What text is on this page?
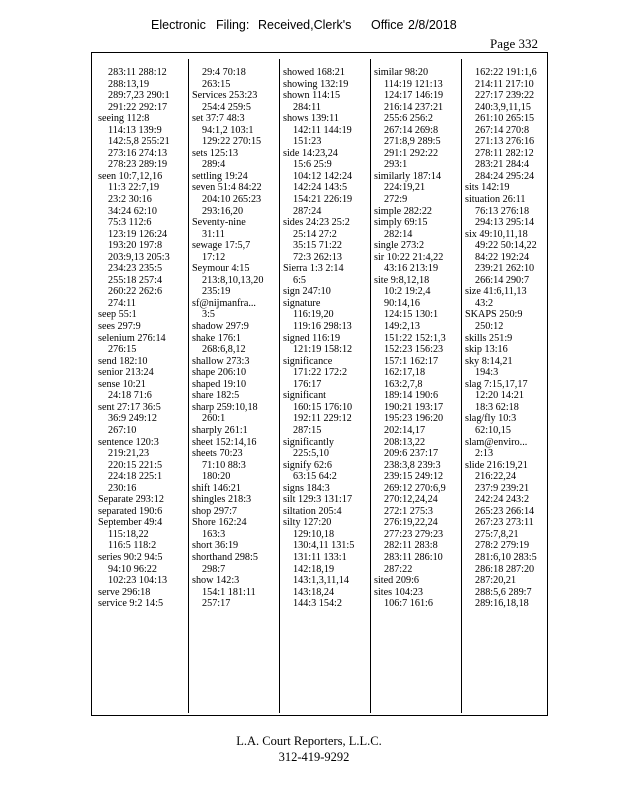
Electronic Filing: Received,Clerk's Office 2/8/2018
Page 332
283:11 288:12
288:13,19
289:7,23 290:1
291:22 292:17
seeing 112:8
114:13 139:9
142:5,8 255:21
273:16 274:13
278:23 289:19
seen 10:7,12,16
11:3 22:7,19
23:2 30:16
34:24 62:10
75:3 112:6
123:19 126:24
193:20 197:8
203:9,13 205:3
234:23 235:5
255:18 257:4
260:22 262:6
274:11
seep 55:1
sees 297:9
selenium 276:14
276:15
send 182:10
senior 213:24
sense 10:21
24:18 71:6
sent 27:17 36:5
36:9 249:12
267:10
sentence 120:3
219:21,23
220:15 221:5
224:18 225:1
230:16
Separate 293:12
separated 190:6
September 49:4
115:18,22
116:5 118:2
series 90:2 94:5
94:10 96:22
102:23 104:13
serve 296:18
service 9:2 14:5
29:4 70:18
263:15
Services 253:23
254:4 259:5
set 37:7 48:3
94:1,2 103:1
129:22 270:15
sets 125:13
289:4
settling 19:24
seven 51:4 84:22
204:10 265:23
293:16,20
Seventy-nine
31:11
sewage 17:5,7
17:12
Seymour 4:15
213:8,10,13,20
235:19
sf@nijmanfra...
3:5
shadow 297:9
shake 176:1
268:6,8,12
shallow 273:3
shape 206:10
shaped 19:10
share 182:5
sharp 259:10,18
260:1
sharply 261:1
sheet 152:14,16
sheets 70:23
71:10 88:3
180:20
shift 146:21
shingles 218:3
shop 297:7
Shore 162:24
163:3
short 36:19
shorthand 298:5
298:7
show 142:3
154:1 181:11
257:17
showed 168:21
showing 132:19
shown 114:15
284:11
shows 139:11
142:11 144:19
151:23
side 14:23,24
15:6 25:9
104:12 142:24
142:24 143:5
154:21 226:19
287:24
sides 24:23 25:2
25:14 27:2
35:15 71:22
72:3 262:13
Sierra 1:3 2:14
6:5
sign 247:10
signature
116:19,20
119:16 298:13
signed 116:19
121:19 158:12
significance
171:22 172:2
176:17
significant
160:15 176:10
192:11 229:12
287:15
significantly
225:5,10
signify 62:6
63:15 64:2
signs 184:3
silt 129:3 131:17
siltation 205:4
silty 127:20
129:10,18
130:4,11 131:5
131:11 133:1
142:18,19
143:1,3,11,14
143:18,24
144:3 154:2
similar 98:20
114:19 121:13
124:17 146:19
216:14 237:21
255:6 256:2
267:14 269:8
271:8,9 289:5
291:1 292:22
293:1
similarly 187:14
224:19,21
272:9
simple 282:22
simply 69:15
282:14
single 273:2
sir 10:22 21:4,22
43:16 213:19
site 9:8,12,18
10:2 19:2,4
90:14,16
124:15 130:1
149:2,13
151:22 152:1,3
152:23 156:23
157:1 162:17
162:17,18
163:2,7,8
189:14 190:6
190:21 193:17
195:23 196:20
202:14,17
208:13,22
209:6 237:17
238:3,8 239:3
239:15 249:12
269:12 270:6,9
270:12,24,24
272:1 275:3
276:19,22,24
277:23 279:23
282:11 283:8
283:11 286:10
287:22
sited 209:6
sites 104:23
106:7 161:6
162:22 191:1,6
214:11 217:10
227:17 239:22
240:3,9,11,15
261:10 265:15
267:14 270:8
271:13 276:16
278:11 282:12
283:21 284:4
284:24 295:24
sits 142:19
situation 26:11
76:13 276:18
294:13 295:14
six 49:10,11,18
49:22 50:14,22
84:22 192:24
239:21 262:10
266:14 290:7
size 41:6,11,13
43:2
SKAPS 250:9
250:12
skills 251:9
skip 13:16
sky 8:14,21
194:3
slag 7:15,17,17
12:20 14:21
18:3 62:18
slag/fly 10:3
62:10,15
slam@enviro...
2:13
slide 216:19,21
216:22,24
237:9 239:21
242:24 243:2
265:23 266:14
267:23 273:11
275:7,8,21
278:2 279:19
281:6,10 283:5
286:18 287:20
287:20,21
288:5,6 289:7
289:16,18,18
L.A. Court Reporters, L.L.C.
312-419-9292
